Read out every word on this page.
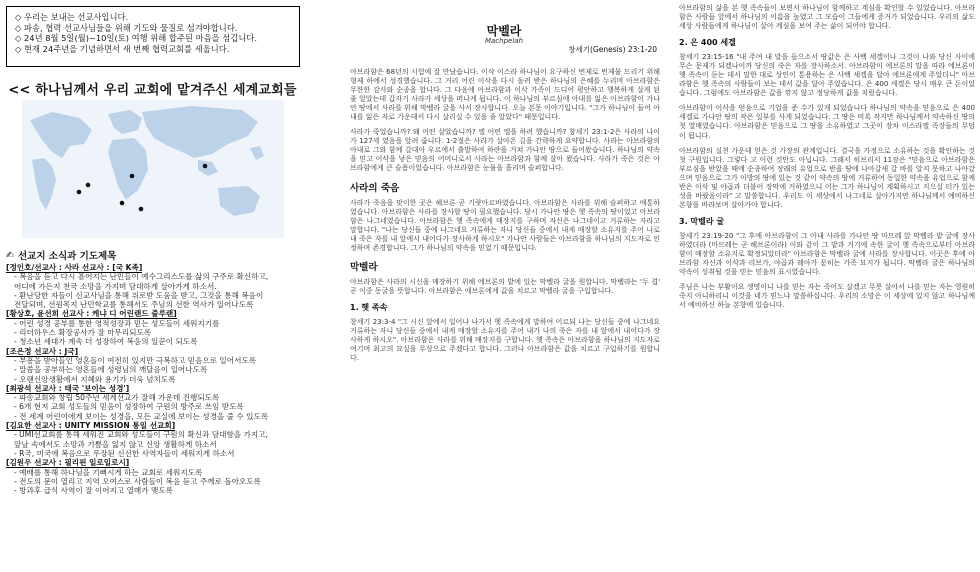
◇ 우리는 보내는 선교사입니다.
◇ 파송, 협력 선교사님들을 위해 기도와 물질로 섬겨야합니다.
◇ 24년 8월 5일(월)~10일(토) 여행 위해 합주된 마음을 섬깁니다.
◇ 현재 24주년을 기념하면서 새 번째 협력교회를 세웁니다.
<< 하나님께서 우리 교회에 맡겨주신 세계교회들
✍ 선교지 소식과 기도제목
[정인호/선교사 : 사라 선교사 : [국 K족]
- 복음을 듣고 다시 흩어지는 난민들이 예수그리스도를 삶의 구주로 확신하고,
어디에 가든지 천국 소망을 가지며 담대하게 살아가게 하소서.
- 환난당한 자들이 신교사님을 통해 위로받 도움을 받고, 그것을 통해 복음이
전달되며, 선원목지 난민학교를 통해서도 주님의 선한 역사가 일어나도록
[황상호, 윤선희 선교사 : 케냐 디 어린랜드 줄루랜]
- 어린 성경 공부를 통한 영적성장과 믿는 성도들이 세워지기를
- 리더하우스 확장공사가 잘 마무리되도록
- 청소년 세대가 계속 더 성장하여 복음의 일꾼이 되도록
[조은정 선교사 : J국]
- 부흥을 받아들인 영혼들이 여전히 있지만 극복하고 믿음으로 일어서도록
- 말씀을 공부하는 영혼들에 성령님의 깨달음이 일어나도록
- 오랜신앙생활에서 지혜와 용기가 더욱 넘치도록
[최광석 선교사 : 태국 '보이는 성경']
- 파송교회와 창립 50주년 세계선교가 잘해 가운데 진행되도록
- 6개 현지 교회 성도들의 믿음이 성장하여 구원의 방주로 쓰임 받도록
- 전 세계 어린이에게 보이는 성경을, 모든 교실에 보이는 성경을 줄 수 있도록
[김요한 선교사 : UNITY MISSION 통일 선교회]
- UMI선교회를 통해 세워진 교회와 성도들이 구원의 확신과 담대함을 가지고,
앞날 속에서도 소망과 기쁨을 잃지 않고 신앙 생활하게 하소서
- R국, 미국에 복음으로 무장된 신선한 사역자들이 세워지게 하소서
[김원우 선교사 : 필리핀 일로일로시]
- 예배를 통해 하나님을 기뻐시게 하는 교회로 세워지도록
- 전도의 문이 열리고 지역 오여스로 사람들이 복음 듣고 주께로 돌아오도록
- 방과후 급식 사역이 잘 이어지고 열매가 맺도록
막벨라
Machpelah
창세기(Genesis) 23:1-20

아브라함은 68년의 시험에 잘 만났습니다. 이삭 이스라 하나님이 요구하신 번제로 번제물 드리기 위해 형제 하에서 성경했습니다. 그 거리 어린 이삭을 다시 돌려 받은 하나님의 은혜를 누리며 아브라함은 무한한 감사와 순종을 합니다. 그 다음에 아브라함과 이삭 가족이 드디어 평안하고 행복하게 살게 된 줄 알았는데 갑자기 사라가 세상을 떠나게 됩니다. 이 하나님의 부르심에 아내를 잃은 아브라함이 가나안 땅에서 사라를 위해 막벨라 굴을 사서 장사합니다. 오늘 본문 이야기입니다. "그가 하나님이 들어 아내를 잃은 자로 가운데서 다시 살리실 수 있을 줄 알았다" 때문입니다.

사라가 죽었습니까? 왜 어떤 살았습니까? 엘 어떤 엘을 하려 했습니까? 창세기 23:1-2은 사라의 나이가 127세 였음을 알려 줍니다. 1-2절은 사라가 살아온 길을 간략하게 요약합니다. 사라는 아브라함의 아내로 그와 함께 갈대아 우르에서 출발하여 하란을 거쳐 가나안 땅으로 들어왔습니다. 하나님의 약속을 믿고 이삭을 낳은 믿음의 어머니로서 사라는 아브라함과 함께 살아 왔습니다. 사라가 죽은 것은 아브라함에게 큰 슬픔이었습니다. 아브라함은 눈물을 흘리며 슬퍼합니다.

사라의 죽음

사라가 죽음을 맞이한 곳은 헤브론 곧 기럇아르바였습니다. 아브라함은 사라를 위해 슬퍼하고 애통하였습니다. 아브라함은 사라를 장사할 땅이 필요했습니다. 당시 가나안 땅은 헷 족속의 땅이었고 아브라함은 나그네였습니다. 아브라함은 헷 족속에게 매장지를 구하며 자신은 나그네이고 거류하는 자라고 말합니다. "나는 당신들 중에 나그네요 거류하는 자니 당신들 중에서 내게 매장할 소유지를 주어 나로 내 죽은 자를 내 앞에서 내어다가 장사하게 하시오" 가나안 사람들은 아브라함을 하나님의 지도자로 인정하며 존경합니다. 그가 하나님의 약속을 믿었기 때문입니다.

막벨라

아브라함은 사라의 시신을 매장하기 위해 에브론의 밭에 있는 막벨라 굴을 원합니다. 막벨라는 '두 겹' 곧 이중 동굴을 뜻합니다. 아브라함은 에브론에게 값을 치르고 막벨라 굴을 구입합니다.

1. 헷 족속

창세기 23:3-4 "그 시신 앞에서 일어나 나가서 헷 족속에게 말하여 이르되 나는 당신들 중에 나그네요 거류하는 자니 당신들 중에서 내게 매장할 소유지를 주어 내가 나의 죽은 자를 내 앞에서 내어다가 장사하게 하시오". 아브라함은 사라를 위해 매장지를 구합니다. 헷 족속은 아브라함을 하나님의 지도자로 여기며 최고의 묘실을 무상으로 주겠다고 합니다. 그러나 아브라함은 값을 치르고 구입하기를 원합니다.

아브라함의 삶을 본 헷 족속들이 보면서 하나님이 함께하고 계심을 확인할 수 있었습니다. 아브라함은 사람들 앞에서 하나님의 이름을 높였고 그 모습이 그들에게 증거가 되었습니다. 우리의 삶도 세상 사람들에게 하나님이 살아 계심을 보여 주는 삶이 되어야 합니다.

2. 은 400 세겔

창세기 23:15-16 "내 주여 내 말을 들으소서 땅값은 은 사백 세겔이나 그것이 나와 당신 사이에 무슨 문제가 되겠나이까 당신의 죽은 자를 장사하소서. 아브라함이 에브론의 말을 따라 에브론이 헷 족속이 듣는 데서 말한 대로 상인이 통용하는 은 사백 세겔을 달아 에브론에게 주었더니" 아브라함은 헷 족속의 사람들이 보는 데서 값을 달아 주었습니다. 은 400 세겔은 당시 매우 큰 돈이었습니다. 그럼에도 아브라함은 값을 깎지 않고 정당하게 값을 치렀습니다.

아브라함이 이삭을 얻음으로 기업을 준 수가 있게 되었습니다 하나님의 약속을 믿음으로 은 400세겔로 가나안 땅의 작은 일부를 사게 되었습니다. 그 땅은 비록 작지만 하나님께서 약속하신 땅의 첫 열매였습니다. 아브라함은 믿음으로 그 땅을 소유하였고 그곳이 장차 이스라엘 족장들의 무덤이 됩니다.

아브라함의 실천 가운데 얻은 것 가장의 관계입니다. 결국을 가정으로 소유하는 것을 확인하는 것 첫 구원입니다. 그렇다 고 이런 것만도 아닙니다. 그래서 히브리서 11장은 "믿음으로 아브라함은 부르심을 받았을 때에 순종하여 장래의 유업으로 받을 땅에 나아갈새 갈 바를 알지 못하고 나아갔으며 믿음으로 그가 이방의 땅에 있는 것 같이 약속의 땅에 거류하여 동일한 약속을 유업으로 함께 받은 이삭 및 야곱과 더불어 장막에 거하였으니 이는 그가 하나님이 계획하시고 지으실 터가 있는 성을 바랐음이라" 고 말씀합니다. 우리도 이 세상에서 나그네로 살아가지만 하나님께서 예비하신 본향을 바라보며 살아가야 합니다.

3. 막벨라 굴

창세기 23:19-20 "그 후에 아브라함이 그 아내 사라를 가나안 땅 마므레 앞 막벨라 밭 굴에 장사하였더라 (마므레는 곧 헤브론이라) 이와 같이 그 밭과 거기에 속한 굴이 헷 족속으로부터 아브라함이 매장할 소유지로 확정되었더라" 아브라함은 막벨라 굴에 사라를 장사합니다. 이곳은 후에 아브라함 자신과 이삭과 리브가, 야곱과 레아가 묻히는 가족 묘지가 됩니다. 막벨라 굴은 하나님의 약속이 성취될 것을 믿는 믿음의 표시였습니다.

주님은 나는 부활이요 생명이니 나를 믿는 자는 죽어도 살겠고 무릇 살아서 나를 믿는 자는 영원히 죽지 아니하리니 이것을 네가 믿느냐 말씀하십니다. 우리의 소망은 이 세상에 있지 않고 하나님께서 예비하신 하늘 본향에 있습니다.
